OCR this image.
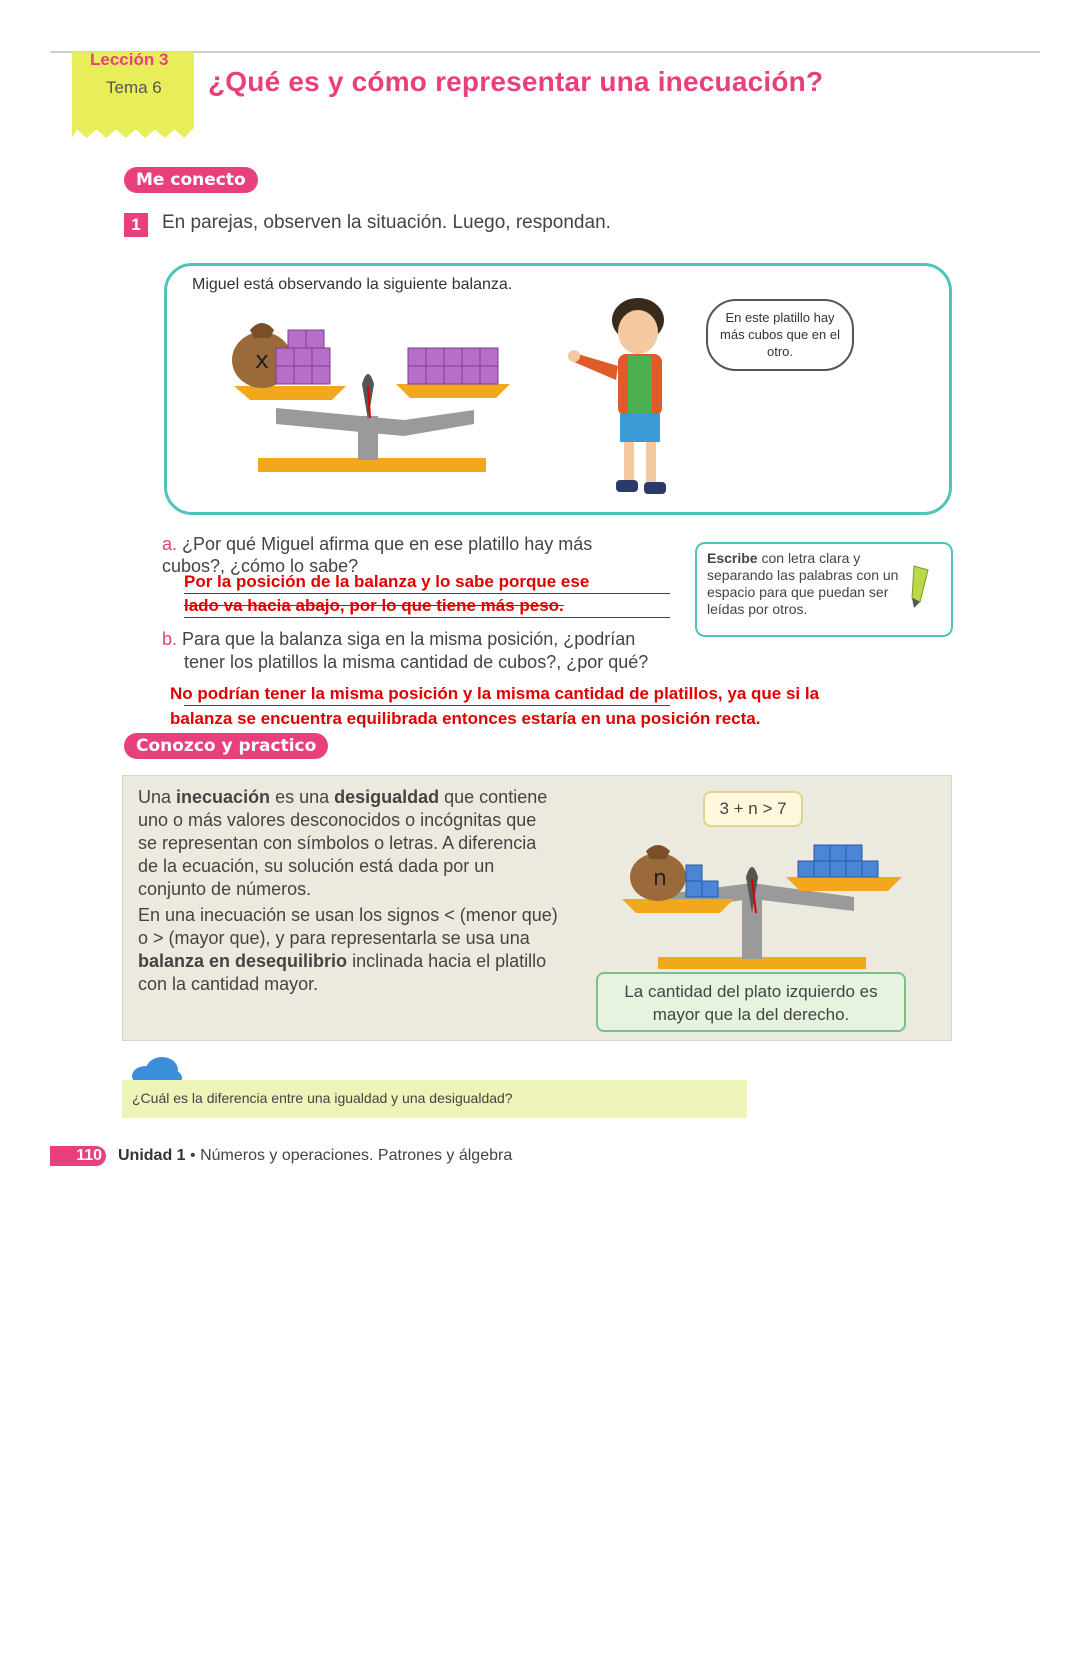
Lección 3
Tema 6 ¿Qué es y cómo representar una inecuación?
Me conecto
1	En parejas, observen la situación. Luego, respondan.
Miguel está observando la siguiente balanza.
x
En este platillo hay más cubos que en el otro.
a. ¿Por qué Miguel afirma que en ese platillo hay más cubos?, ¿cómo lo sabe?
Por la posición de la balanza y lo sabe porque ese
lado va hacia abajo, por lo que tiene más peso.
Escribe con letra clara y separando las palabras con un espacio para que puedan ser leídas por otros.
b. Para que la balanza siga en la misma posición, ¿podrían
tener los platillos la misma cantidad de cubos?, ¿por qué?
No podrían tener la misma posición y la misma cantidad de platillos, ya que si la
balanza se encuentra equilibrada entonces estaría en una posición recta.
Conozco y practico

Una inecuación es una desigualdad que contiene uno o más valores desconocidos o incógnitas que se representan con símbolos o letras. A diferencia de la ecuación, su solución está dada por un conjunto de números.

En una inecuación se usan los signos < (menor que) o > (mayor que), y para representarla se usa una balanza en desequilibrio inclinada hacia el platillo con la cantidad mayor.

3 + n > 7
n
La cantidad del plato izquierdo es mayor que la del derecho.
¿Cuál es la diferencia entre una igualdad y una desigualdad?
110 Unidad 1 • Números y operaciones. Patrones y álgebra
